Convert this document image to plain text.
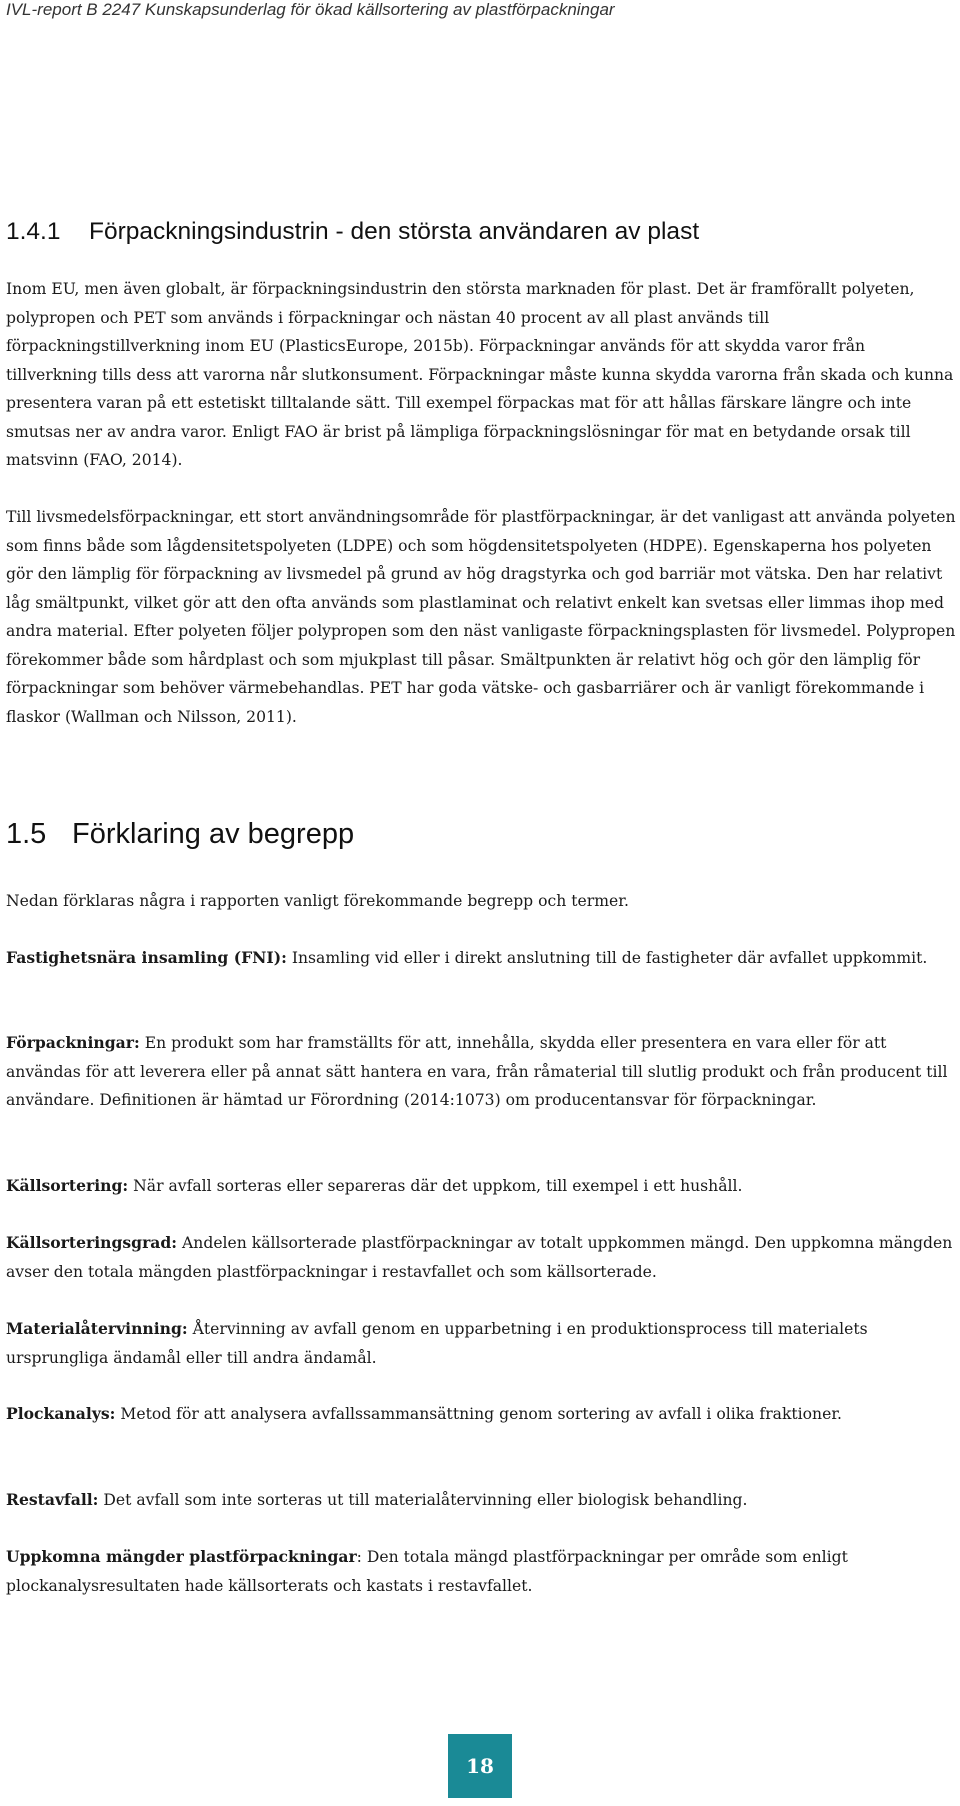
IVL-report B 2247 Kunskapsunderlag för ökad källsortering av plastförpackningar
1.4.1 Förpackningsindustrin - den största användaren av plast

Inom EU, men även globalt, är förpackningsindustrin den största marknaden för plast. Det är framförallt polyeten, polypropen och PET som används i förpackningar och nästan 40 procent av all plast används till förpackningstillverkning inom EU (PlasticsEurope, 2015b). Förpackningar används för att skydda varor från tillverkning tills dess att varorna når slutkonsument. Förpackningar måste kunna skydda varorna från skada och kunna presentera varan på ett estetiskt tilltalande sätt. Till exempel förpackas mat för att hållas färskare längre och inte smutsas ner av andra varor. Enligt FAO är brist på lämpliga förpackningslösningar för mat en betydande orsak till matsvinn (FAO, 2014).

Till livsmedelsförpackningar, ett stort användningsområde för plastförpackningar, är det vanligast att använda polyeten som finns både som lågdensitetspolyeten (LDPE) och som högdensitetspolyeten (HDPE). Egenskaperna hos polyeten gör den lämplig för förpackning av livsmedel på grund av hög dragstyrka och god barriär mot vätska. Den har relativt låg smältpunkt, vilket gör att den ofta används som plastlaminat och relativt enkelt kan svetsas eller limmas ihop med andra material. Efter polyeten följer polypropen som den näst vanligaste förpackningsplasten för livsmedel. Polypropen förekommer både som hårdplast och som mjukplast till påsar. Smältpunkten är relativt hög och gör den lämplig för förpackningar som behöver värmebehandlas. PET har goda vätske- och gasbarriärer och är vanligt förekommande i flaskor (Wallman och Nilsson, 2011).

1.5 Förklaring av begrepp

Nedan förklaras några i rapporten vanligt förekommande begrepp och termer.

Fastighetsnära insamling (FNI): Insamling vid eller i direkt anslutning till de fastigheter där avfallet uppkommit.

Förpackningar: En produkt som har framställts för att, innehålla, skydda eller presentera en vara eller för att användas för att leverera eller på annat sätt hantera en vara, från råmaterial till slutlig produkt och från producent till användare. Definitionen är hämtad ur Förordning (2014:1073) om producentansvar för förpackningar.

Källsortering: När avfall sorteras eller separeras där det uppkom, till exempel i ett hushåll.

Källsorteringsgrad: Andelen källsorterade plastförpackningar av totalt uppkommen mängd. Den uppkomna mängden avser den totala mängden plastförpackningar i restavfallet och som källsorterade.

Materialåtervinning: Återvinning av avfall genom en upparbetning i en produktionsprocess till materialets ursprungliga ändamål eller till andra ändamål.

Plockanalys: Metod för att analysera avfallssammansättning genom sortering av avfall i olika fraktioner.

Restavfall: Det avfall som inte sorteras ut till materialåtervinning eller biologisk behandling.

Uppkomna mängder plastförpackningar: Den totala mängd plastförpackningar per område som enligt plockanalysresultaten hade källsorterats och kastats i restavfallet.

18
